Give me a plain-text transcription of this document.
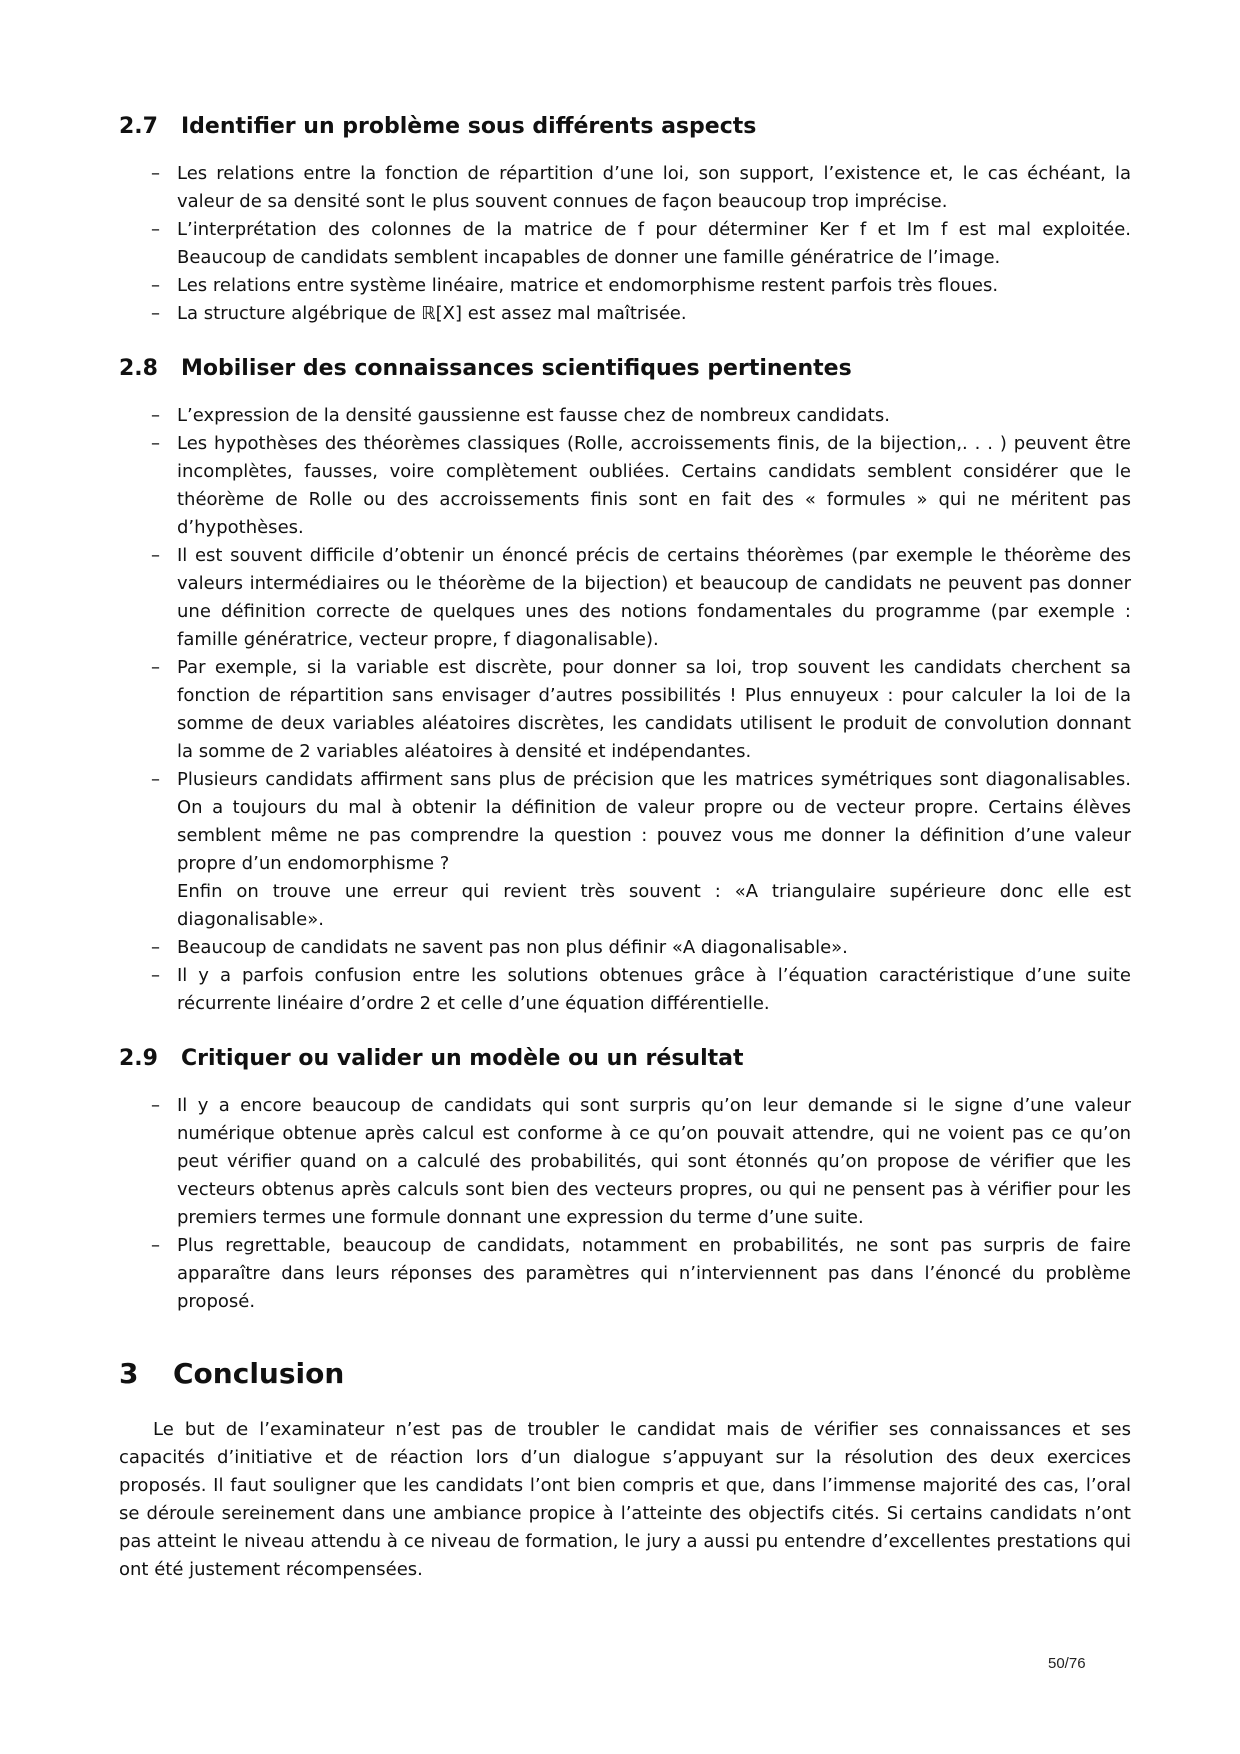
2.7	Identifier un problème sous différents aspects
– Les relations entre la fonction de répartition d’une loi, son support, l’existence et, le cas échéant, la valeur de sa densité sont le plus souvent connues de façon beaucoup trop imprécise.
– L’interprétation des colonnes de la matrice de f pour déterminer Ker f et Im f est mal exploitée. Beaucoup de candidats semblent incapables de donner une famille génératrice de l’image.
– Les relations entre système linéaire, matrice et endomorphisme restent parfois très floues.
– La structure algébrique de ℝ[X] est assez mal maîtrisée.
2.8	Mobiliser des connaissances scientifiques pertinentes
– L’expression de la densité gaussienne est fausse chez de nombreux candidats.
– Les hypothèses des théorèmes classiques (Rolle, accroissements finis, de la bijection,. . . ) peuvent être incomplètes, fausses, voire complètement oubliées. Certains candidats semblent considérer que le théorème de Rolle ou des accroissements finis sont en fait des « formules » qui ne méritent pas d’hypothèses.
– Il est souvent difficile d’obtenir un énoncé précis de certains théorèmes (par exemple le théorème des valeurs intermédiaires ou le théorème de la bijection) et beaucoup de candidats ne peuvent pas donner une définition correcte de quelques unes des notions fondamentales du programme (par exemple : famille génératrice, vecteur propre, f diagonalisable).
– Par exemple, si la variable est discrète, pour donner sa loi, trop souvent les candidats cherchent sa fonction de répartition sans envisager d’autres possibilités ! Plus ennuyeux : pour calculer la loi de la somme de deux variables aléatoires discrètes, les candidats utilisent le produit de convolution donnant la somme de 2 variables aléatoires à densité et indépendantes.
– Plusieurs candidats affirment sans plus de précision que les matrices symétriques sont diagonalisables. On a toujours du mal à obtenir la définition de valeur propre ou de vecteur propre. Certains élèves semblent même ne pas comprendre la question : pouvez vous me donner la définition d’une valeur propre d’un endomorphisme ?
Enfin on trouve une erreur qui revient très souvent : «A triangulaire supérieure donc elle est diagonalisable».
– Beaucoup de candidats ne savent pas non plus définir «A diagonalisable».
– Il y a parfois confusion entre les solutions obtenues grâce à l’équation caractéristique d’une suite récurrente linéaire d’ordre 2 et celle d’une équation différentielle.
2.9	Critiquer ou valider un modèle ou un résultat
– Il y a encore beaucoup de candidats qui sont surpris qu’on leur demande si le signe d’une valeur numérique obtenue après calcul est conforme à ce qu’on pouvait attendre, qui ne voient pas ce qu’on peut vérifier quand on a calculé des probabilités, qui sont étonnés qu’on propose de vérifier que les vecteurs obtenus après calculs sont bien des vecteurs propres, ou qui ne pensent pas à vérifier pour les premiers termes une formule donnant une expression du terme d’une suite.
– Plus regrettable, beaucoup de candidats, notamment en probabilités, ne sont pas surpris de faire apparaître dans leurs réponses des paramètres qui n’interviennent pas dans l’énoncé du problème proposé.
3	Conclusion

Le but de l’examinateur n’est pas de troubler le candidat mais de vérifier ses connaissances et ses capacités d’initiative et de réaction lors d’un dialogue s’appuyant sur la résolution des deux exercices proposés. Il faut souligner que les candidats l’ont bien compris et que, dans l’immense majorité des cas, l’oral se déroule sereinement dans une ambiance propice à l’atteinte des objectifs cités. Si certains candidats n’ont pas atteint le niveau attendu à ce niveau de formation, le jury a aussi pu entendre d’excellentes prestations qui ont été justement récompensées.

50/76
